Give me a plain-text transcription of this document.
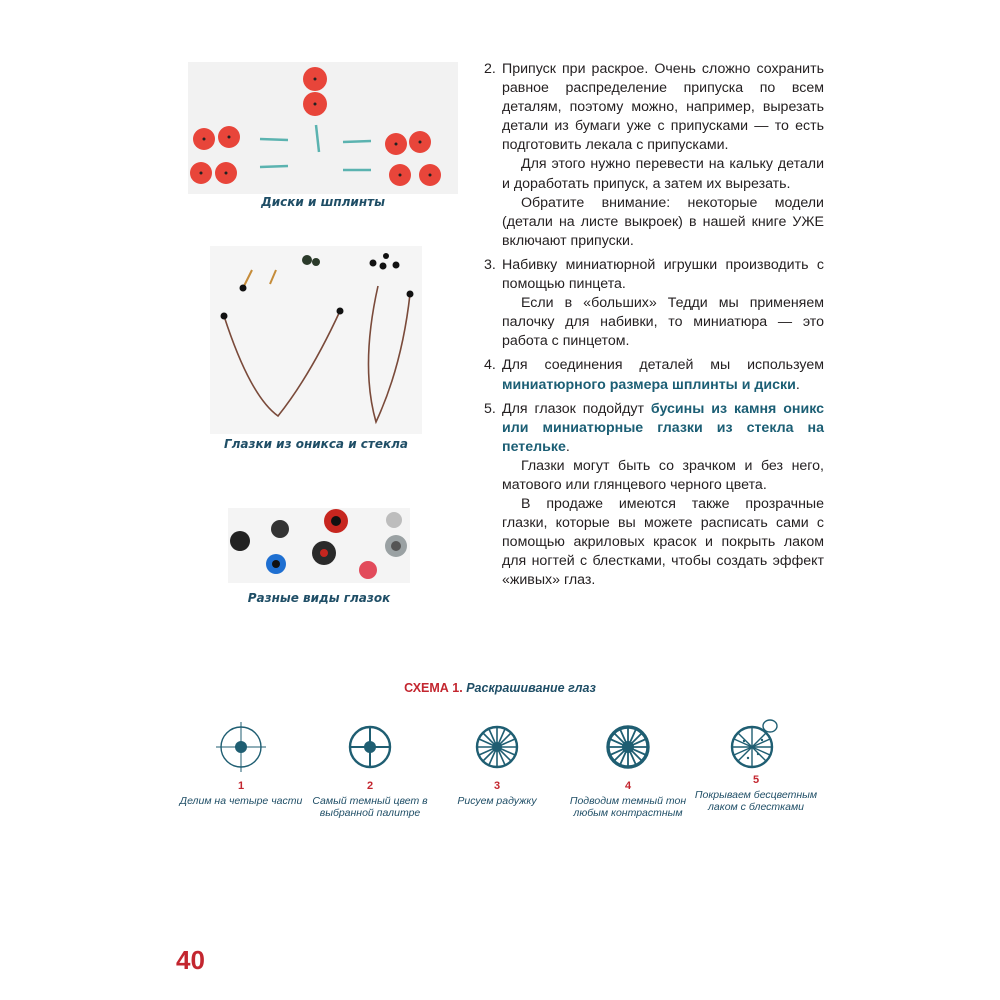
Диски и шплинты
Глазки из оникса и стекла
Разные виды глазок
2. Припуск при раскрое. Очень сложно сохранить равное распределение припуска по всем деталям, поэтому можно, например, вырезать детали из бумаги уже с припусками — то есть подготовить лекала с припусками.

Для этого нужно перевести на кальку детали и доработать припуск, а затем их вырезать.

Обратите внимание: некоторые модели (детали на листе выкроек) в нашей книге УЖЕ включают припуски.

3. Набивку миниатюрной игрушки производить с помощью пинцета.

Если в «больших» Тедди мы применяем палочку для набивки, то миниатюра — это работа с пинцетом.

4. Для соединения деталей мы используем миниатюрного размера шплинты и диски.

5. Для глазок подойдут бусины из камня оникс или миниатюрные глазки из стекла на петельке.

Глазки могут быть со зрачком и без него, матового или глянцевого черного цвета.

В продаже имеются также прозрачные глазки, которые вы можете расписать сами с помощью акриловых красок и покрыть лаком для ногтей с блестками, чтобы создать эффект «живых» глаз.

СХЕМА 1. Раскрашивание глаз
1
Делим на четыре части
2
Самый темный цвет в выбранной палитре
3
Рисуем радужку
4
Подводим темный тон любым контрастным
5
Покрываем бесцветным лаком с блестками
40
